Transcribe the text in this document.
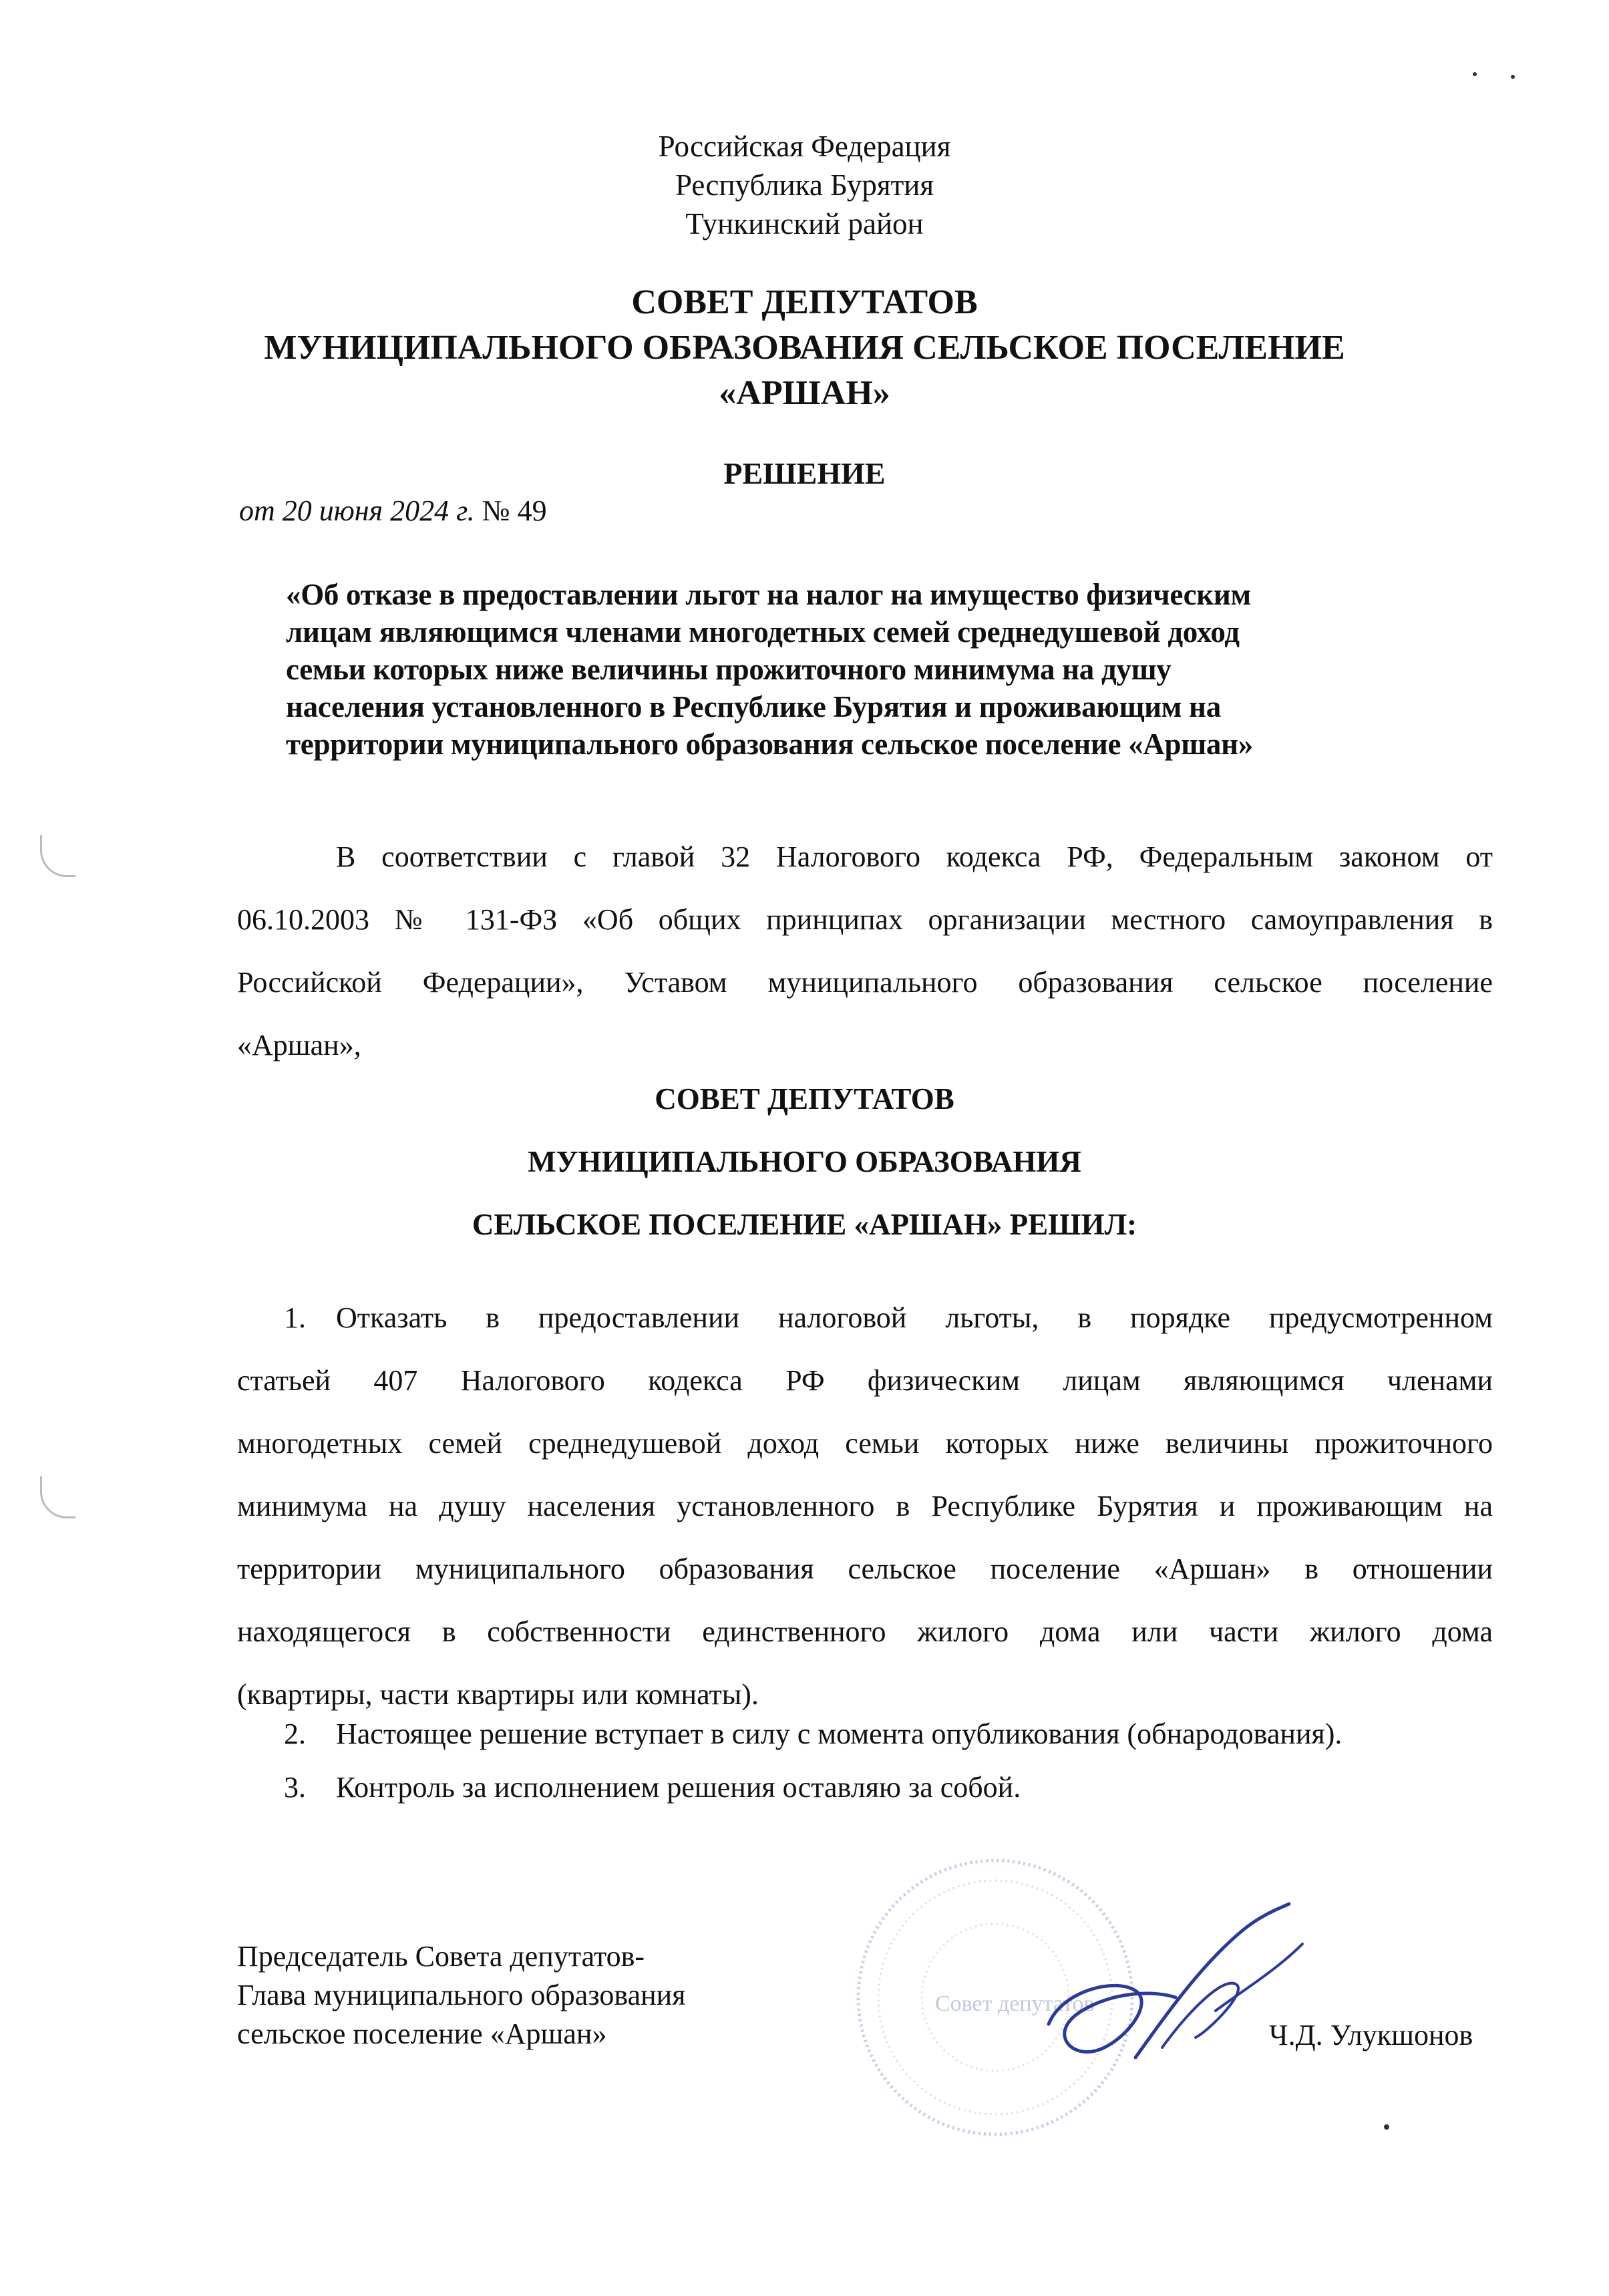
Российская Федерация
Республика Бурятия
Тункинский район
СОВЕТ ДЕПУТАТОВ
МУНИЦИПАЛЬНОГО ОБРАЗОВАНИЯ СЕЛЬСКОЕ ПОСЕЛЕНИЕ
«АРШАН»
РЕШЕНИЕ
от 20 июня 2024 г. № 49
«Об отказе в предоставлении льгот на налог на имущество физическим
лицам являющимся членами многодетных семей среднедушевой доход
семьи которых ниже величины прожиточного минимума на душу
населения установленного в Республике Бурятия и проживающим на
территории муниципального образования сельское поселение «Аршан»
В соответствии с главой 32 Налогового кодекса РФ, Федеральным законом от
06.10.2003 № 131-ФЗ «Об общих принципах организации местного самоуправления в
Российской Федерации», Уставом муниципального образования сельское поселение
«Аршан»,
СОВЕТ ДЕПУТАТОВ
МУНИЦИПАЛЬНОГО ОБРАЗОВАНИЯ
СЕЛЬСКОЕ ПОСЕЛЕНИЕ «АРШАН» РЕШИЛ:
1. Отказать в предоставлении налоговой льготы, в порядке предусмотренном
статьей 407 Налогового кодекса РФ физическим лицам являющимся членами
многодетных семей среднедушевой доход семьи которых ниже величины прожиточного
минимума на душу населения установленного в Республике Бурятия и проживающим на
территории муниципального образования сельское поселение «Аршан» в отношении
находящегося в собственности единственного жилого дома или части жилого дома
(квартиры, части квартиры или комнаты).
2. Настоящее решение вступает в силу с момента опубликования (обнародования).
3. Контроль за исполнением решения оставляю за собой.
Председатель Совета депутатов-
Глава муниципального образования
сельское поселение «Аршан»	Ч.Д. Улукшонов
Совет депутатов
